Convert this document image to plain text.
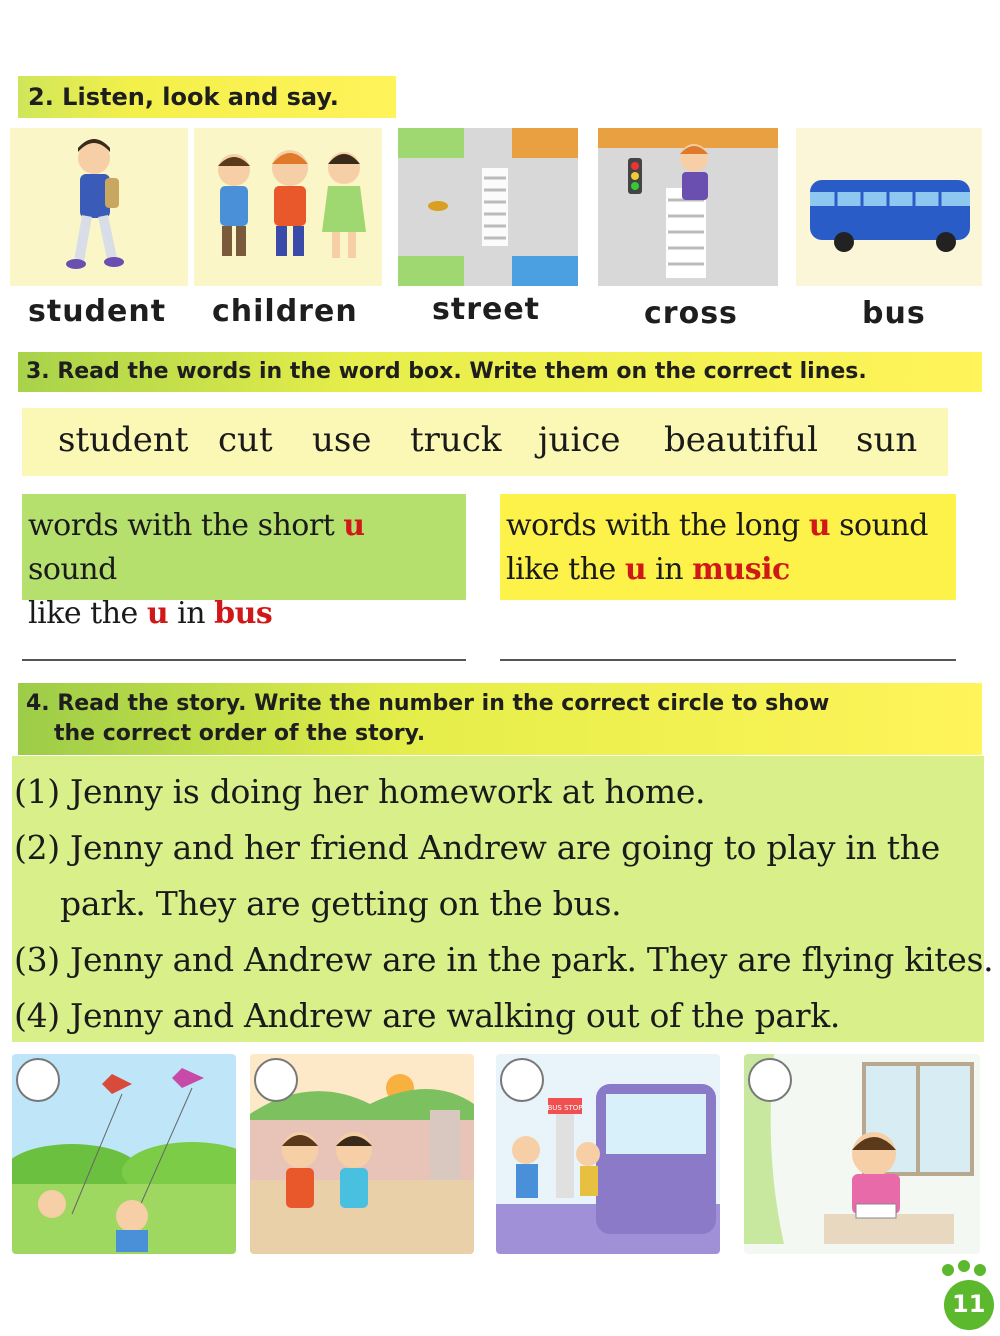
2. Listen, look and say.
student children street	cross	bus
3. Read the words in the word box. Write them on the correct lines.
student cut use truck juice beautiful sun
words with the short u sound
like the u in bus
words with the long u sound
like the u in music
4. Read the story. Write the number in the correct circle to show
the correct order of the story.
(1) Jenny is doing her homework at home.
(2) Jenny and her friend Andrew are going to play in the
park. They are getting on the bus.
(3) Jenny and Andrew are in the park. They are flying kites.
(4) Jenny and Andrew are walking out of the park.
BUS STOP
11
